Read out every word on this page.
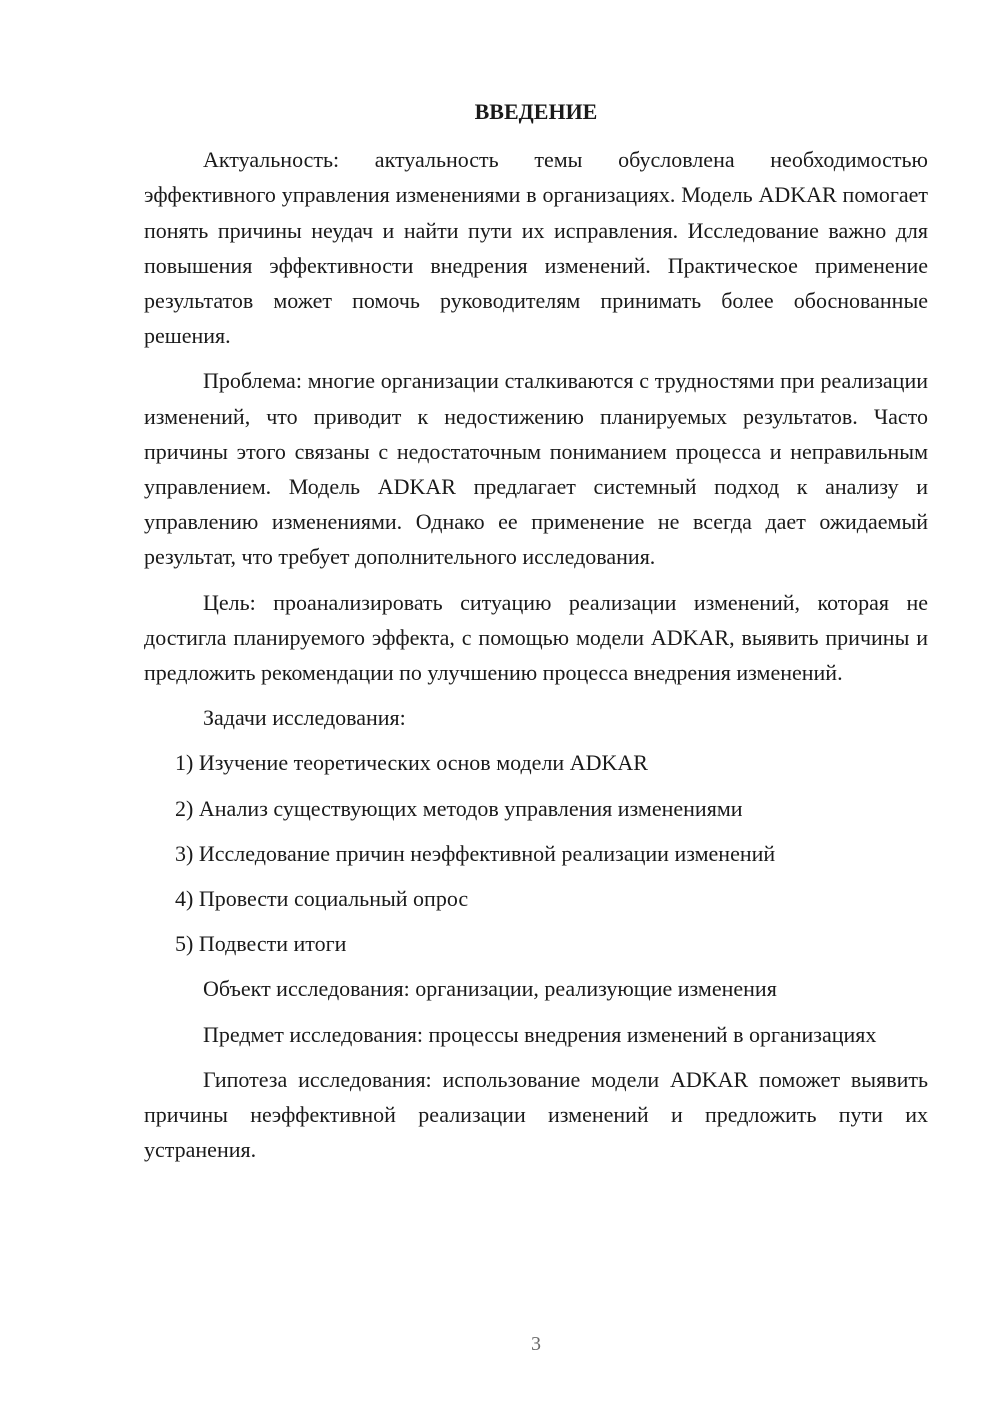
ВВЕДЕНИЕ

Актуальность: актуальность темы обусловлена необходимостью эффективного управления изменениями в организациях. Модель ADKAR помогает понять причины неудач и найти пути их исправления. Исследование важно для повышения эффективности внедрения изменений. Практическое применение результатов может помочь руководителям принимать более обоснованные решения.

Проблема: многие организации сталкиваются с трудностями при реализации изменений, что приводит к недостижению планируемых результатов. Часто причины этого связаны с недостаточным пониманием процесса и неправильным управлением. Модель ADKAR предлагает системный подход к анализу и управлению изменениями. Однако ее применение не всегда дает ожидаемый результат, что требует дополнительного исследования.

Цель: проанализировать ситуацию реализации изменений, которая не достигла планируемого эффекта, с помощью модели ADKAR, выявить причины и предложить рекомендации по улучшению процесса внедрения изменений.

Задачи исследования:

1) Изучение теоретических основ модели ADKAR

2) Анализ существующих методов управления изменениями

3) Исследование причин неэффективной реализации изменений

4) Провести социальный опрос

5) Подвести итоги

Объект исследования: организации, реализующие изменения

Предмет исследования: процессы внедрения изменений в организациях

Гипотеза исследования: использование модели ADKAR поможет выявить причины неэффективной реализации изменений и предложить пути их устранения.

3
